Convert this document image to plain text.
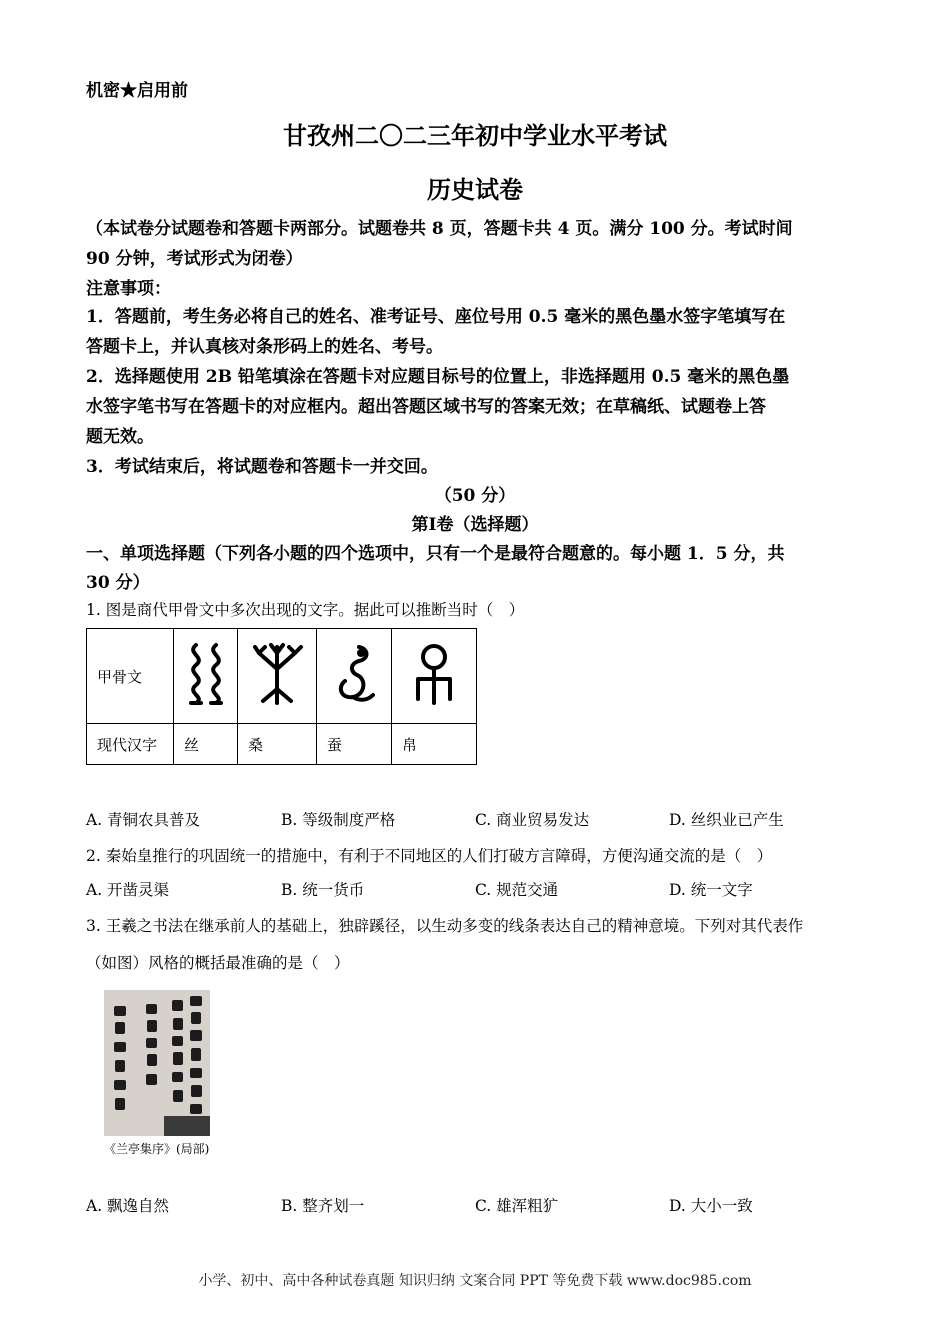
机密★启用前
甘孜州二〇二三年初中学业水平考试
历史试卷
（本试卷分试题卷和答题卡两部分。试题卷共 8 页，答题卡共 4 页。满分 100 分。考试时间
90 分钟，考试形式为闭卷）
注意事项：
1．答题前，考生务必将自己的姓名、准考证号、座位号用 0.5 毫米的黑色墨水签字笔填写在
答题卡上，并认真核对条形码上的姓名、考号。
2．选择题使用 2B 铅笔填涂在答题卡对应题目标号的位置上，非选择题用 0.5 毫米的黑色墨
水签字笔书写在答题卡的对应框内。超出答题区域书写的答案无效；在草稿纸、试题卷上答
题无效。
3．考试结束后，将试题卷和答题卡一并交回。
（50 分）
第Ⅰ卷（选择题）
一、单项选择题（下列各小题的四个选项中，只有一个是最符合题意的。每小题 1．5 分，共
30 分）
1. 图是商代甲骨文中多次出现的文字。据此可以推断当时（　）
甲骨文				
现代汉字	丝	桑	蚕	帛
A. 青铜农具普及	B. 等级制度严格	C. 商业贸易发达	D. 丝织业已产生
2. 秦始皇推行的巩固统一的措施中，有利于不同地区的人们打破方言障碍，方便沟通交流的是（　）
A. 开凿灵渠	B. 统一货币	C. 规范交通	D. 统一文字
3. 王羲之书法在继承前人的基础上，独辟蹊径，以生动多变的线条表达自己的精神意境。下列对其代表作
（如图）风格的概括最准确的是（　）
《兰亭集序》(局部)
A. 飘逸自然	B. 整齐划一	C. 雄浑粗犷	D. 大小一致
小学、初中、高中各种试卷真题 知识归纳 文案合同 PPT 等免费下载 www.doc985.com
